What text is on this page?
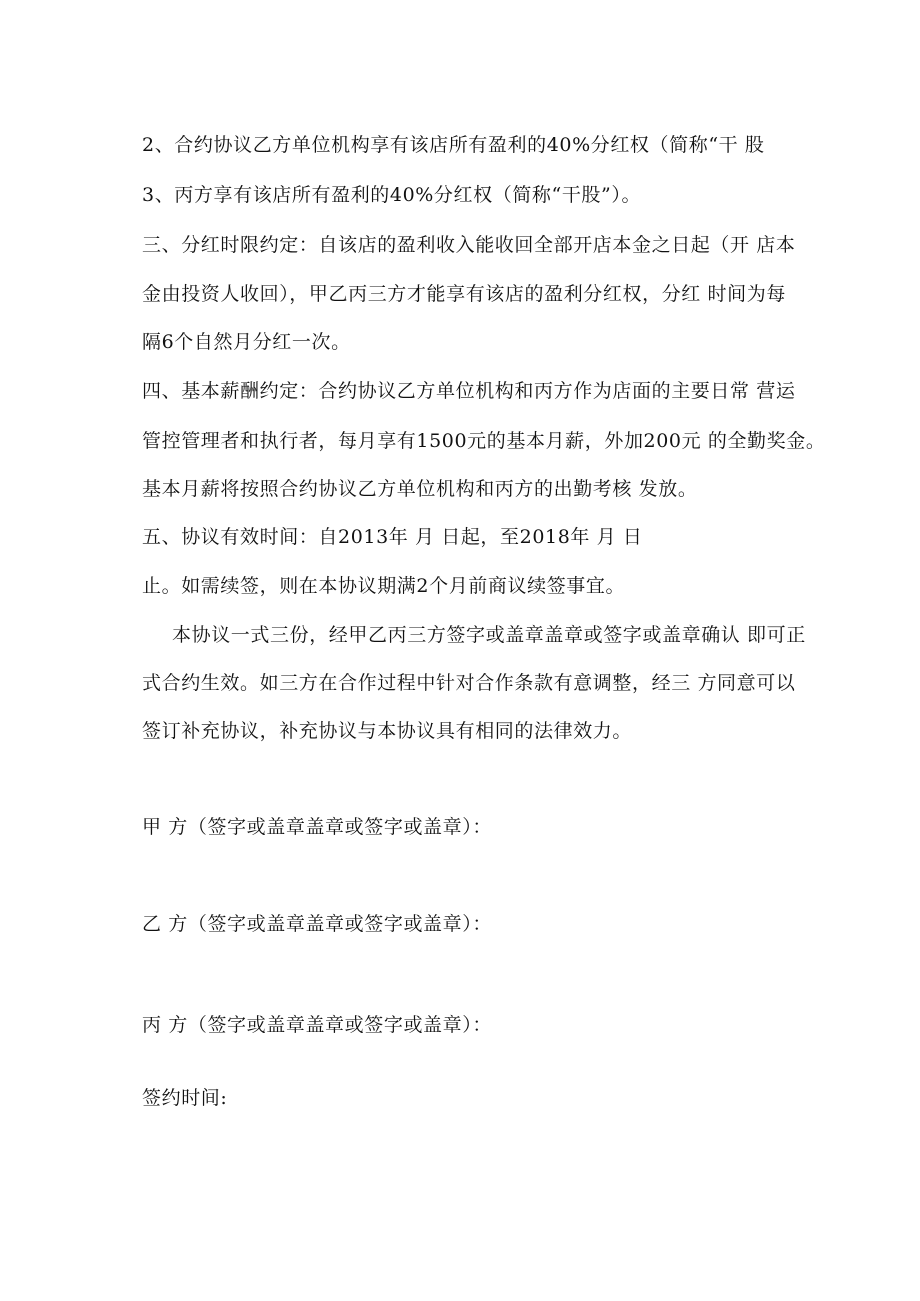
2、合约协议乙方单位机构享有该店所有盈利的40%分红权（简称“干 股
3、丙方享有该店所有盈利的40%分红权（简称“干股”）。
三、分红时限约定：自该店的盈利收入能收回全部开店本金之日起（开 店本
金由投资人收回），甲乙丙三方才能享有该店的盈利分红权，分红 时间为每
隔6个自然月分红一次。
四、基本薪酬约定：合约协议乙方单位机构和丙方作为店面的主要日常 营运
管控管理者和执行者，每月享有1500元的基本月薪，外加200元 的全勤奖金。
基本月薪将按照合约协议乙方单位机构和丙方的出勤考核 发放。
五、协议有效时间：自2013年 月 日起，至2018年 月 日
止。如需续签，则在本协议期满2个月前商议续签事宜。
本协议一式三份，经甲乙丙三方签字或盖章盖章或签字或盖章确认 即可正
式合约生效。如三方在合作过程中针对合作条款有意调整，经三 方同意可以
签订补充协议，补充协议与本协议具有相同的法律效力。
甲 方（签字或盖章盖章或签字或盖章）：
乙 方（签字或盖章盖章或签字或盖章）：
丙 方（签字或盖章盖章或签字或盖章）：
签约时间:
